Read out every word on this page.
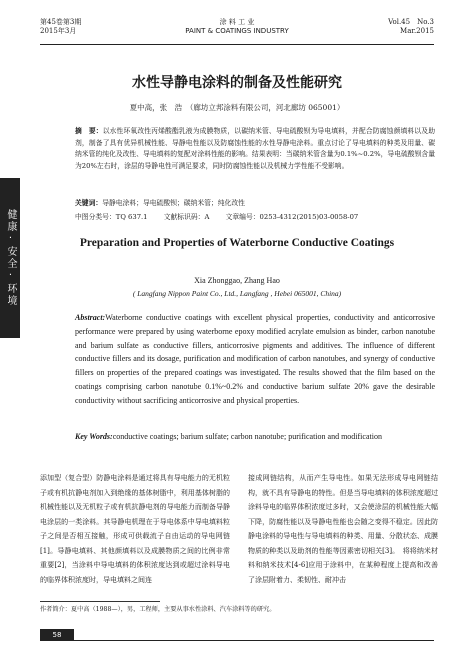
第45卷第3期
2015年3月
涂 料 工 业
PAINT & COATINGS INDUSTRY
Vol.45　No.3
Mar.2015
健康·安全·环境
水性导静电涂料的制备及性能研究
夏中高，张　浩　（廊坊立邦涂料有限公司，河北廊坊 065001）
摘　要：以水性环氧改性丙烯酸酯乳液为成膜物质，以碳纳米管、导电硫酸钡为导电填料，并配合防腐蚀颜填料以及助剂，制备了具有优异机械性能、导静电性能以及防腐蚀性能的水性导静电涂料。重点讨论了导电填料的种类及用量、碳纳米管的纯化及改性、导电填料的复配对涂料性能的影响。结果表明：当碳纳米管含量为0.1%~0.2%，导电硫酸钡含量为20%左右时，涂层的导静电性可满足要求，同时防腐蚀性能以及机械力学性能不受影响。
关键词：导静电涂料；导电硫酸钡；碳纳米管；纯化改性
中图分类号：TQ 637.1 文献标识码：A 文章编号：0253-4312(2015)03-0058-07
Preparation and Properties of Waterborne Conductive Coatings
Xia Zhonggao, Zhang Hao
( Langfang Nippon Paint Co., Ltd., Langfang , Hebei 065001, China)
Abstract:Waterborne conductive coatings with excellent physical properties, conductivity and anticorrosive performance were prepared by using waterborne epoxy modified acrylate emulsion as binder, carbon nanotube and barium sulfate as conductive fillers, anticorrosive pigments and additives. The influence of different conductive fillers and its dosage, purification and modification of carbon nanotubes, and synergy of conductive fillers on properties of the prepared coatings was investigated. The results showed that the film based on the coatings comprising carbon nanotube 0.1%~0.2% and conductive barium sulfate 20% gave the desirable conductivity without sacrificing anticorrosive and physical properties.
Key Words:conductive coatings; barium sulfate; carbon nanotube; purification and modification
添加型（复合型）防静电涂料是通过将具有导电能力的无机粒子或有机抗静电剂加入到绝缘的基体树脂中，利用基体树脂的机械性能以及无机粒子或有机抗静电剂的导电能力而制备导静电涂层的一类涂料。其导静电机理在于导电体系中导电填料粒子之间是否相互接触，形成可供载流子自由运动的导电网链[1]。导静电填料、其他颜填料以及成膜物质之间的比例非常重要[2]，当涂料中导电填料的体积浓度达到或超过涂料导电的临界体积浓度时，导电填料之间连
接成网链结构，从而产生导电性。如果无法形成导电网链结构，就不具有导静电的特性。但是当导电填料的体积浓度超过涂料导电的临界体积浓度过多时，又会使涂层的机械性能大幅下降，防腐性能以及导静电性能也会随之变得不稳定。因此防静电涂料的导电性与导电填料的种类、用量、分散状态、成膜物质的种类以及助剂的性能等因素密切相关[3]。　将将纳米材料和纳米技术[4-6]应用于涂料中，在某种程度上提高和改善了涂层附着力、柔韧性、耐冲击
作者简介：夏中高（1988—），男，工程师，主要从事水性涂料、汽车涂料等的研究。
58
